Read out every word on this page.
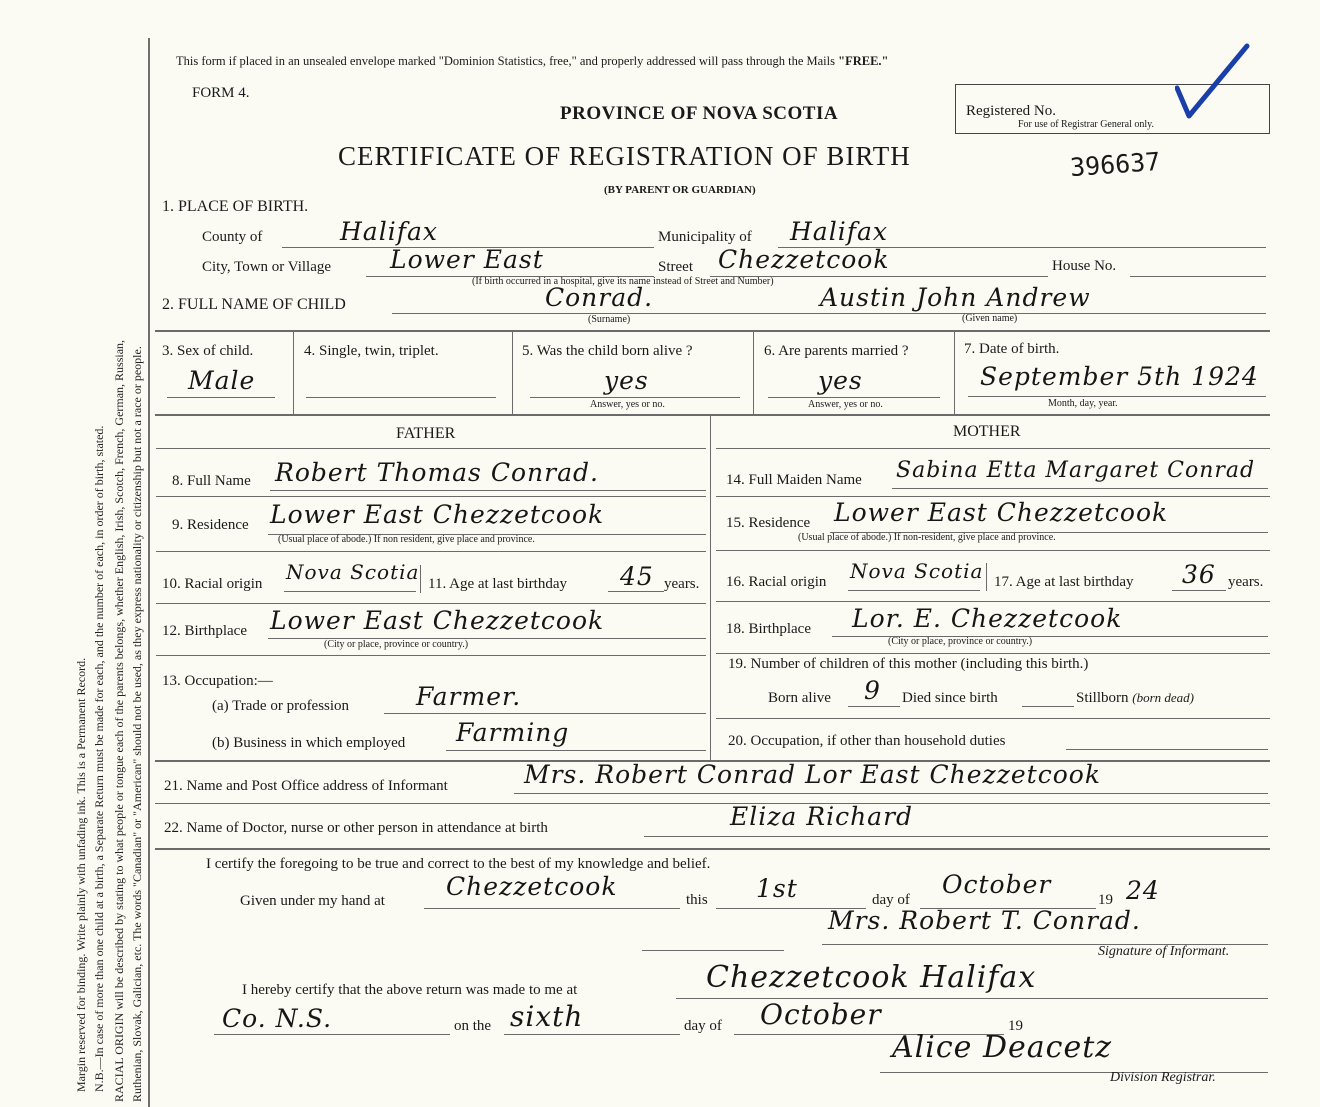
Margin reserved for binding. Write plainly with unfading ink. This is a Permanent Record. N.B.—In case of more than one child at a birth, a Separate Return must be made for each, and the number of each, in order of birth, stated. RACIAL ORIGIN will be described by stating to what people or tongue each of the parents belongs, whether English, Irish, Scotch, French, German, Russian, Ruthenian, Slovak, Galician, etc. The words "Canadian" or "American" should not be used, as they express nationality or citizenship but not a race or people.
This form if placed in an unsealed envelope marked "Dominion Statistics, free," and properly addressed will pass through the Mails "FREE."
FORM 4.
PROVINCE OF NOVA SCOTIA
CERTIFICATE OF REGISTRATION OF BIRTH
(BY PARENT OR GUARDIAN)
Registered No.
For use of Registrar General only.
396637
1. PLACE OF BIRTH.
County of	Halifax	Municipality of Halifax
City, Town or Village Lower East	Street Chezzetcook	House No.
(If birth occurred in a hospital, give its name instead of Street and Number)
2. FULL NAME OF CHILD	Conrad.
(Surname)
Austin John Andrew
(Given name)
3. Sex of child.
Male
4. Single, twin, triplet.	5. Was the child born alive ?
yes
Answer, yes or no.
6. Are parents married ?
yes
Answer, yes or no.
7. Date of birth.
September 5th 1924
Month, day, year.
FATHER	MOTHER
8. Full Name Robert Thomas Conrad.
9. Residence Lower East Chezzetcook
(Usual place of abode.) If non resident, give place and province.
10. Racial origin Nova Scotia 11. Age at last birthday 45 years.
12. Birthplace Lower East Chezzetcook
(City or place, province or country.)
13. Occupation:—
(a) Trade or profession	Farmer.
(b) Business in which employed Farming
14. Full Maiden Name Sabina Etta Margaret Conrad
15. Residence Lower East Chezzetcook
(Usual place of abode.) If non-resident, give place and province.
16. Racial origin Nova Scotia 17. Age at last birthday 36 years.
18. Birthplace Lor. E. Chezzetcook
(City or place, province or country.)
19. Number of children of this mother (including this birth.)
Born alive 9 Died since birth	Stillborn (born dead)
20. Occupation, if other than household duties
21. Name and Post Office address of Informant	Mrs. Robert Conrad Lor East Chezzetcook
22. Name of Doctor, nurse or other person in attendance at birth	Eliza Richard
I certify the foregoing to be true and correct to the best of my knowledge and belief.
Given under my hand at Chezzetcook	this 1st	day of
October
19 24
Mrs. Robert T. Conrad.
Signature of Informant.
I hereby certify that the above return was made to me at	Chezzetcook Halifax
Co. N.S.	on the sixth	day of October	19
Alice Deacetz
Division Registrar.
